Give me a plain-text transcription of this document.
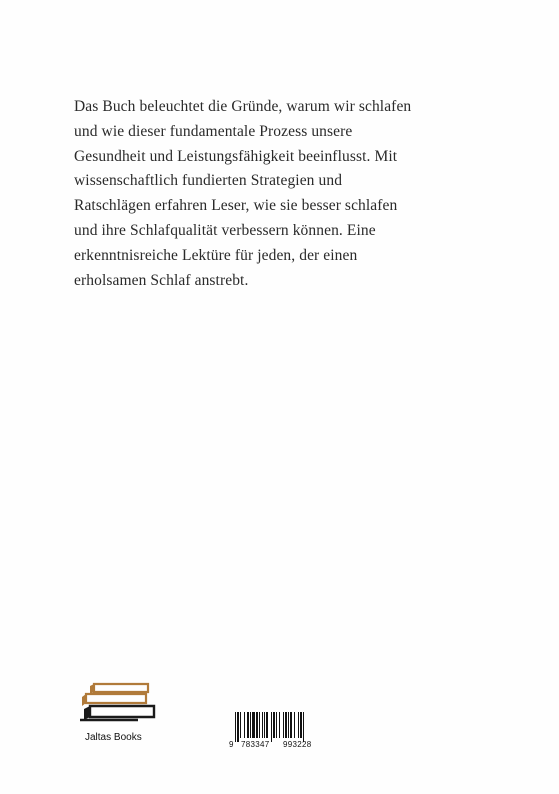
Das Buch beleuchtet die Gründe, warum wir schlafen
und wie dieser fundamentale Prozess unsere
Gesundheit und Leistungsfähigkeit beeinflusst. Mit
wissenschaftlich fundierten Strategien und
Ratschlägen erfahren Leser, wie sie besser schlafen
und ihre Schlafqualität verbessern können. Eine
erkenntnisreiche Lektüre für jeden, der einen
erholsamen Schlaf anstrebt.
Jaltas Books
9 783347 993228
